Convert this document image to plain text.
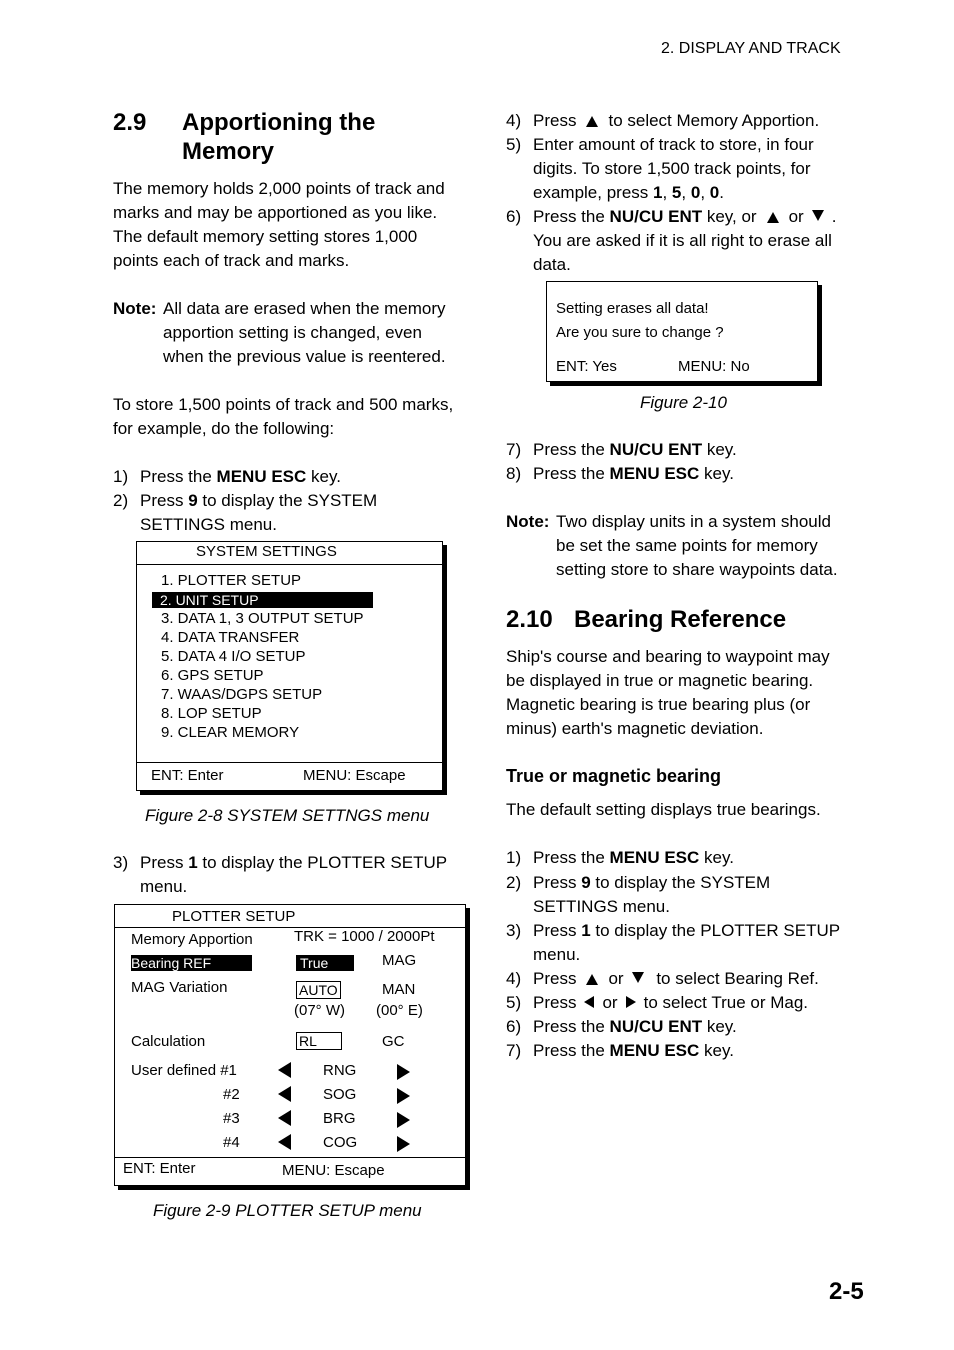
2. DISPLAY AND TRACK
2.9 Apportioning the
Memory
The memory holds 2,000 points of track and
marks and may be apportioned as you like.
The default memory setting stores 1,000
points each of track and marks.
Note: All data are erased when the memory
apportion setting is changed, even
when the previous value is reentered.
To store 1,500 points of track and 500 marks,
for example, do the following:
1) Press the MENU ESC key.
2) Press 9 to display the SYSTEM
SETTINGS menu.
SYSTEM SETTINGS
1. PLOTTER SETUP
2. UNIT SETUP
3. DATA 1, 3 OUTPUT SETUP
4. DATA TRANSFER
5. DATA 4 I/O SETUP
6. GPS SETUP
7. WAAS/DGPS SETUP
8. LOP SETUP
9. CLEAR MEMORY
ENT: Enter	MENU: Escape
Figure 2-8 SYSTEM SETTNGS menu
3) Press 1 to display the PLOTTER SETUP
menu.
PLOTTER SETUP
Memory Apportion	TRK = 1000 / 2000Pt
Bearing REF	True	MAG
MAG Variation	AUTO	MAN
(07° W) (00° E)
Calculation	RL	GC
User defined #1	RNG
#2	SOG
#3	BRG
#4	COG
ENT: Enter	MENU: Escape
Figure 2-9 PLOTTER SETUP menu
4) Press to select Memory Apportion.
5) Enter amount of track to store, in four
digits. To store 1,500 track points, for
example, press 1, 5, 0, 0.
6) Press the NU/CU ENT key, or or .
You are asked if it is all right to erase all
data.
Setting erases all data!
Are you sure to change ?
ENT: Yes	MENU: No
Figure 2-10
7) Press the NU/CU ENT key.
8) Press the MENU ESC key.
Note: Two display units in a system should
be set the same points for memory
setting store to share waypoints data.
2.10 Bearing Reference
Ship's course and bearing to waypoint may
be displayed in true or magnetic bearing.
Magnetic bearing is true bearing plus (or
minus) earth's magnetic deviation.
True or magnetic bearing
The default setting displays true bearings.
1) Press the MENU ESC key.
2) Press 9 to display the SYSTEM
SETTINGS menu.
3) Press 1 to display the PLOTTER SETUP
menu.
4) Press or to select Bearing Ref.
5) Press or to select True or Mag.
6) Press the NU/CU ENT key.
7) Press the MENU ESC key.
2-5
